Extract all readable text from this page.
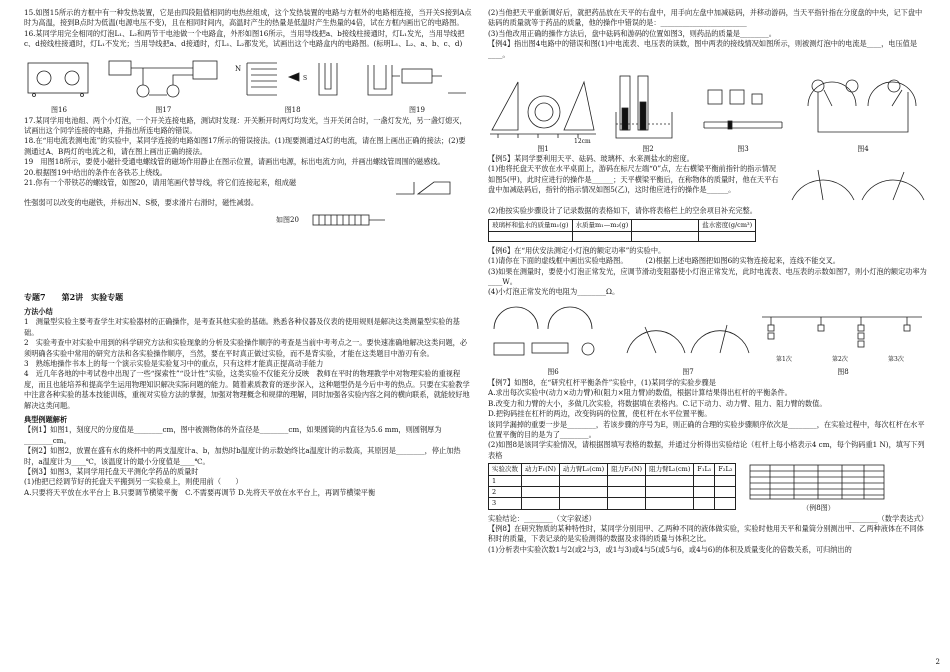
15.如图15所示的方框中有一种发热装置，它是由四段阻值相同的电热丝组成，这个发热装置的电路与方框外的电路相连接，当开关S接到A点时为高温，接到B点时为低温(电源电压不变)，且在相同时间内，高温时产生的热量是低温时产生热量的4倍，试在方框内画出它的电路图。

16.某同学用完全相同的灯泡L₁、L₂和两节干电池做一个电路盒，外形如图16所示，当用导线把a、b接线柱接通时，灯L₁发光，当用导线把c、d接线柱接通时，灯L₁不发光；当用导线把a、d接通时，灯L₁、L₂都发光，试画出这个电路盒内的电路图。(标明L₁、L₂、a、b、c、d)

图16	图17
N
S
图18	图19

17.某同学用电池组、两个小灯泡，一个开关连接电路，测试时发现：开关断开时两灯均发光，当开关闭合时，一盏灯发光，另一盏灯熄灭，试画出这个同学连接的电路，并指出所连电路的错误。

18.在“用电流表测电流”的实验中，某同学连接的电路如图17所示的错误接法。(1)现要测通过A灯的电流，请在图上画出正确的接法；(2)要测通过A、B两灯的电流之和，请在图上画出正确的接法。

19　用图18所示，要使小磁针受通电螺线管的磁场作用静止在图示位置，请画出电源，标出电流方向，并画出螺线管周围的磁感线。

20.根据图19中给出的条件在各铁芯上绕线。

21.你有一个带铁芯的螺线管，如图20，请用笔画代替导线，将它们连接起来，组成磁

性强弱可以改变的电磁铁，并标出N、S极，要求滑片右滑时，磁性减弱。

如图20
专题7　　第2讲　实验专题
方法小结

1　测量型实验主要考查学生对实验器材的正确操作，是考查其他实验的基础。熟悉各种仪器及仪表的使用规则是解决这类测量型实验的基础。

2　实验考查中对实验中用到的科学研究方法和实验现象的分析及实验操作顺序的考查是当前中考考点之一。要快速准确地解决这类问题，必须明确各实验中常用的研究方法和各实验操作顺序，当然，要在平时真正做过实验，而不是背实验，才能在这类题目中游刃有余。

3　熟练地操作书本上的每一个演示实验是实验复习中的重点，只有这样才能真正提高动手能力

4　近几年各地的中考试卷中出现了一些“探索性”“设计性”实验，这类实验不仅能充分反映　教师在平时的物理教学中对物理实验的重视程度，而且也能培养和提高学生运用物理知识解决实际问题的能力。随着素质教育的逐步深入，这种题型仍是今后中考的热点。只要在实验教学中注意各种实验的基本技能训练，重视对实验方法的掌握，加强对物理概念和规律的理解，同时加强各实验内容之间的横向联系，就能较好地解决这类问题。

典型例题解析

【例1】如图1，刻度尺的分度值是________cm，图中被测物体的外直径是________cm，如果圆筒的内直径为5.6 mm，则圆钢厚为________cm。

【例2】如图2，放置在盛有水的烧杯中的两支温度计a、b，加热时b温度计的示数始终比a温度计的示数高，其原因是________，停止加热时，a温度计为____℃，该温度计的最小分度值是____℃。

【例3】如图3，某同学用托盘天平测化学药品的质量时

(1)他把已经调节好的托盘天平搬到另一实验桌上，则使用前（　　）

A.只要将天平放在水平台上 B.只要调节横梁平衡　C.不需要再调节 D.先将天平放在水平台上，再调节横梁平衡

(2)当他把天平重新调好后，就把药品放在天平的右盘中，用手向左盘中加减砝码，并移动游码，当天平指针指在分度盘的中央，记下盘中砝码的质量就等于药品的质量，他的操作中错误的是：________________________

(3)当他改用正确的操作方法后，盘中砝码和游码的位置如图3，则药品的质量是________。

【例4】指出图4电路中的错误和图(1)中电流表、电压表的读数，图中两表的接线情况如图所示，则被测灯泡中的电流是____，电压值是____。

12cm
图1	图2	图3	图4

【例5】某同学要利用天平、砝码、玻璃杯、水来测盐水的密度。

(1)他将托盘天平放在水平桌面上，游码在标尺左端“0”点，左右横梁平衡前指针的指示情况如图5(甲)，此时应进行的操作是______；天平横梁平衡后，在称物体的质量时，他在天平右盘中加减砝码后，指针的指示情况如图5(乙)，这时他应进行的操作是______。

(2)他按实验步骤设计了记录数据的表格如下，请你将表格栏上的空余项目补充完整。

玻璃杯和盐水的质量m₁(g)	水质量m₁—m₂(g)		盐水密度(g/cm³)

【例6】在“用伏安法测定小灯泡的额定功率”的实验中。

(1)请你在下面的虚线框中画出实验电路图。　　　(2)根据上述电路图把如图6的实物连接起来，连线不能交叉。

(3)如果在测量时，要使小灯泡正常发光，应调节滑动变阻器使小灯泡正常发光，此时电流表、电压表的示数如图7，则小灯泡的额定功率为____W。

(4)小灯泡正常发光的电阻为________Ω。

图6	图7
第1次	第2次	第3次
图8

【例7】如图8，在“研究杠杆平衡条件”实验中，(1)某同学的实验步骤是

A.求出每次实验中(动力×动力臂)和(阻力×阻力臂)的数值，根据计算结果得出杠杆的平衡条件。

B.改变力和力臂的大小，多做几次实验，将数据填在表格内。C.记下动力、动力臂、阻力、阻力臂的数值。

D.把钩码挂在杠杆的两边，改变钩码的位置，使杠杆在水平位置平衡。

该同学漏掉的重要一步是________，若该步骤的序号为E，则正确的合理的实验步骤顺序依次是________，在实验过程中，每次杠杆在水平位置平衡的目的是为了________。

(2)如图8是该同学实验情况，请根据图填写表格的数据，并通过分析得出实验结论（杠杆上每小格表示4 cm，每个钩码重1 N)，填写下列表格

实验次数	动力F₁(N)	动力臂L₁(cm)	阻力F₂(N)	阻力臂L₂(cm)	F₁L₁	F₂L₂
1						
2						
3						
（例8图）
实验结论：________（文字叙述）	________（数学表达式）

【例8】在研究物质的某种特性时，某同学分别用甲、乙两种不同的液体做实验，实验时他用天平和量筒分别测出甲、乙两种液体在不同体积时的质量，下表记录的是实验测得的数据及求得的质量与体积之比。

(1)分析表中实验次数1与2(或2与3，或1与3)或4与5(或5与6，或4与6)的体积及质量变化的倍数关系，可归纳出的

2
